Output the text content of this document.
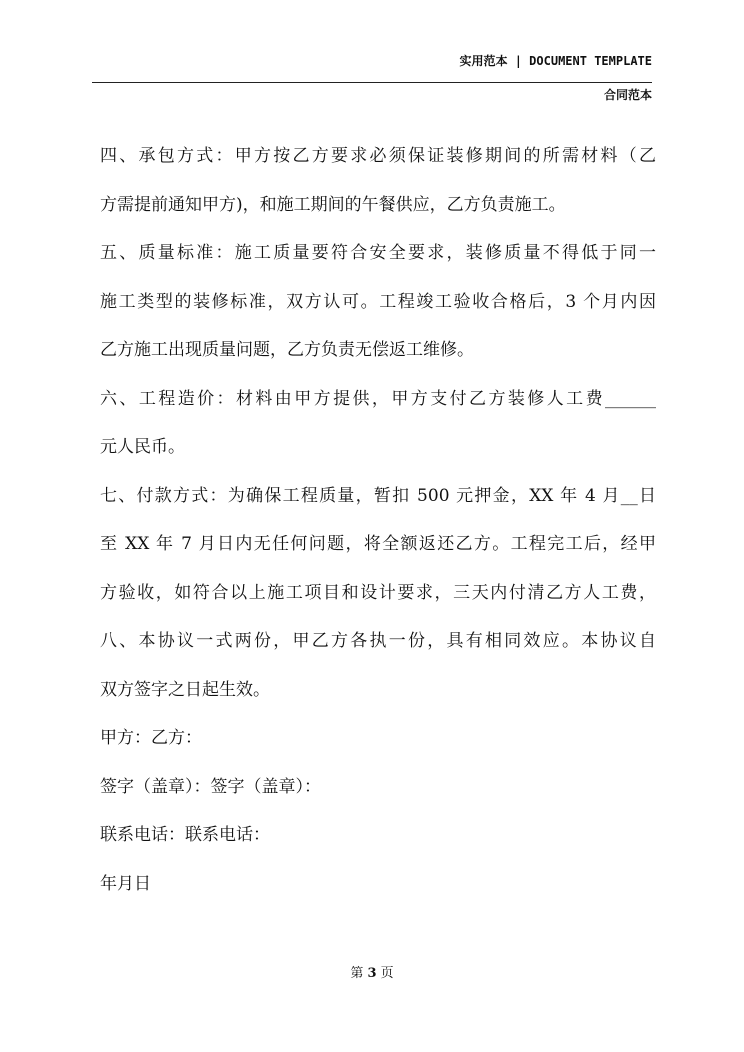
实用范本 | DOCUMENT TEMPLATE
合同范本
四、承包方式：甲方按乙方要求必须保证装修期间的所需材料（乙
方需提前通知甲方)，和施工期间的午餐供应，乙方负责施工。
五、质量标准：施工质量要符合安全要求，装修质量不得低于同一
施工类型的装修标准，双方认可。工程竣工验收合格后，3 个月内因
乙方施工出现质量问题，乙方负责无偿返工维修。
六、工程造价：材料由甲方提供，甲方支付乙方装修人工费______
元人民币。
七、付款方式：为确保工程质量，暂扣 500 元押金，XX 年 4 月__日
至 XX 年 7 月日内无任何问题，将全额返还乙方。工程完工后，经甲
方验收，如符合以上施工项目和设计要求，三天内付清乙方人工费，
八、本协议一式两份，甲乙方各执一份，具有相同效应。本协议自
双方签字之日起生效。
甲方：乙方：
签字（盖章）：签字（盖章）：
联系电话：联系电话：
年月日
第 3 页
